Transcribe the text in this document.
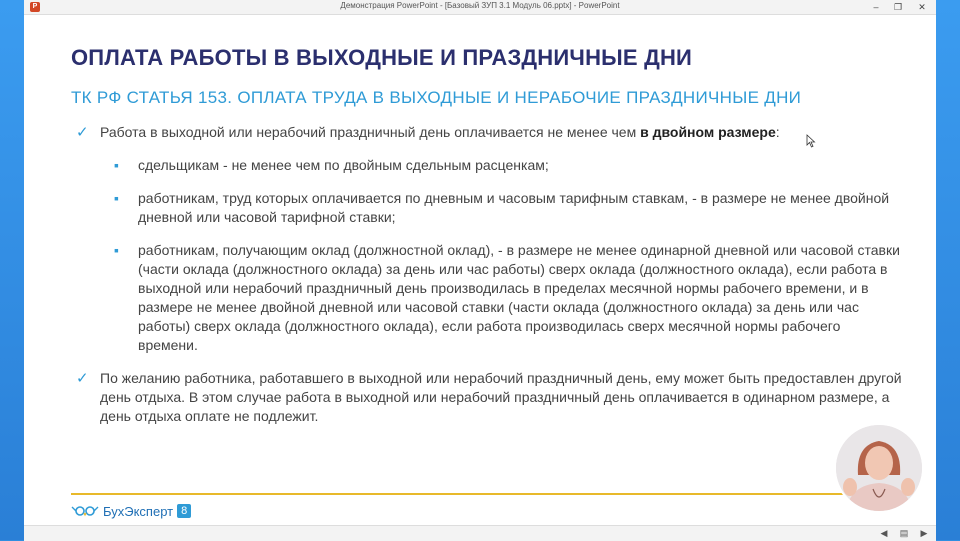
P	Демонстрация PowerPoint - [Базовый ЗУП 3.1 Модуль 06.pptx] - PowerPoint	–	❐	✕
ОПЛАТА РАБОТЫ В ВЫХОДНЫЕ И ПРАЗДНИЧНЫЕ ДНИ
ТК РФ СТАТЬЯ 153. ОПЛАТА ТРУДА В ВЫХОДНЫЕ И НЕРАБОЧИЕ ПРАЗДНИЧНЫЕ ДНИ
✓ Работа в выходной или нерабочий праздничный день оплачивается не менее чем в двойном размере:
▪ сдельщикам - не менее чем по двойным сдельным расценкам;
▪ работникам, труд которых оплачивается по дневным и часовым тарифным ставкам, - в размере не менее двойной дневной или часовой тарифной ставки;
▪ работникам, получающим оклад (должностной оклад), - в размере не менее одинарной дневной или часовой ставки (части оклада (должностного оклада) за день или час работы) сверх оклада (должностного оклада), если работа в выходной или нерабочий праздничный день производилась в пределах месячной нормы рабочего времени, и в размере не менее двойной дневной или часовой ставки (части оклада (должностного оклада) за день или час работы) сверх оклада (должностного оклада), если работа производилась сверх месячной нормы рабочего времени.
✓ По желанию работника, работавшего в выходной или нерабочий праздничный день, ему может быть предоставлен другой день отдыха. В этом случае работа в выходной или нерабочий праздничный день оплачивается в одинарном размере, а день отдыха оплате не подлежит.
БухЭксперт 8
◀ ▤ ▶
